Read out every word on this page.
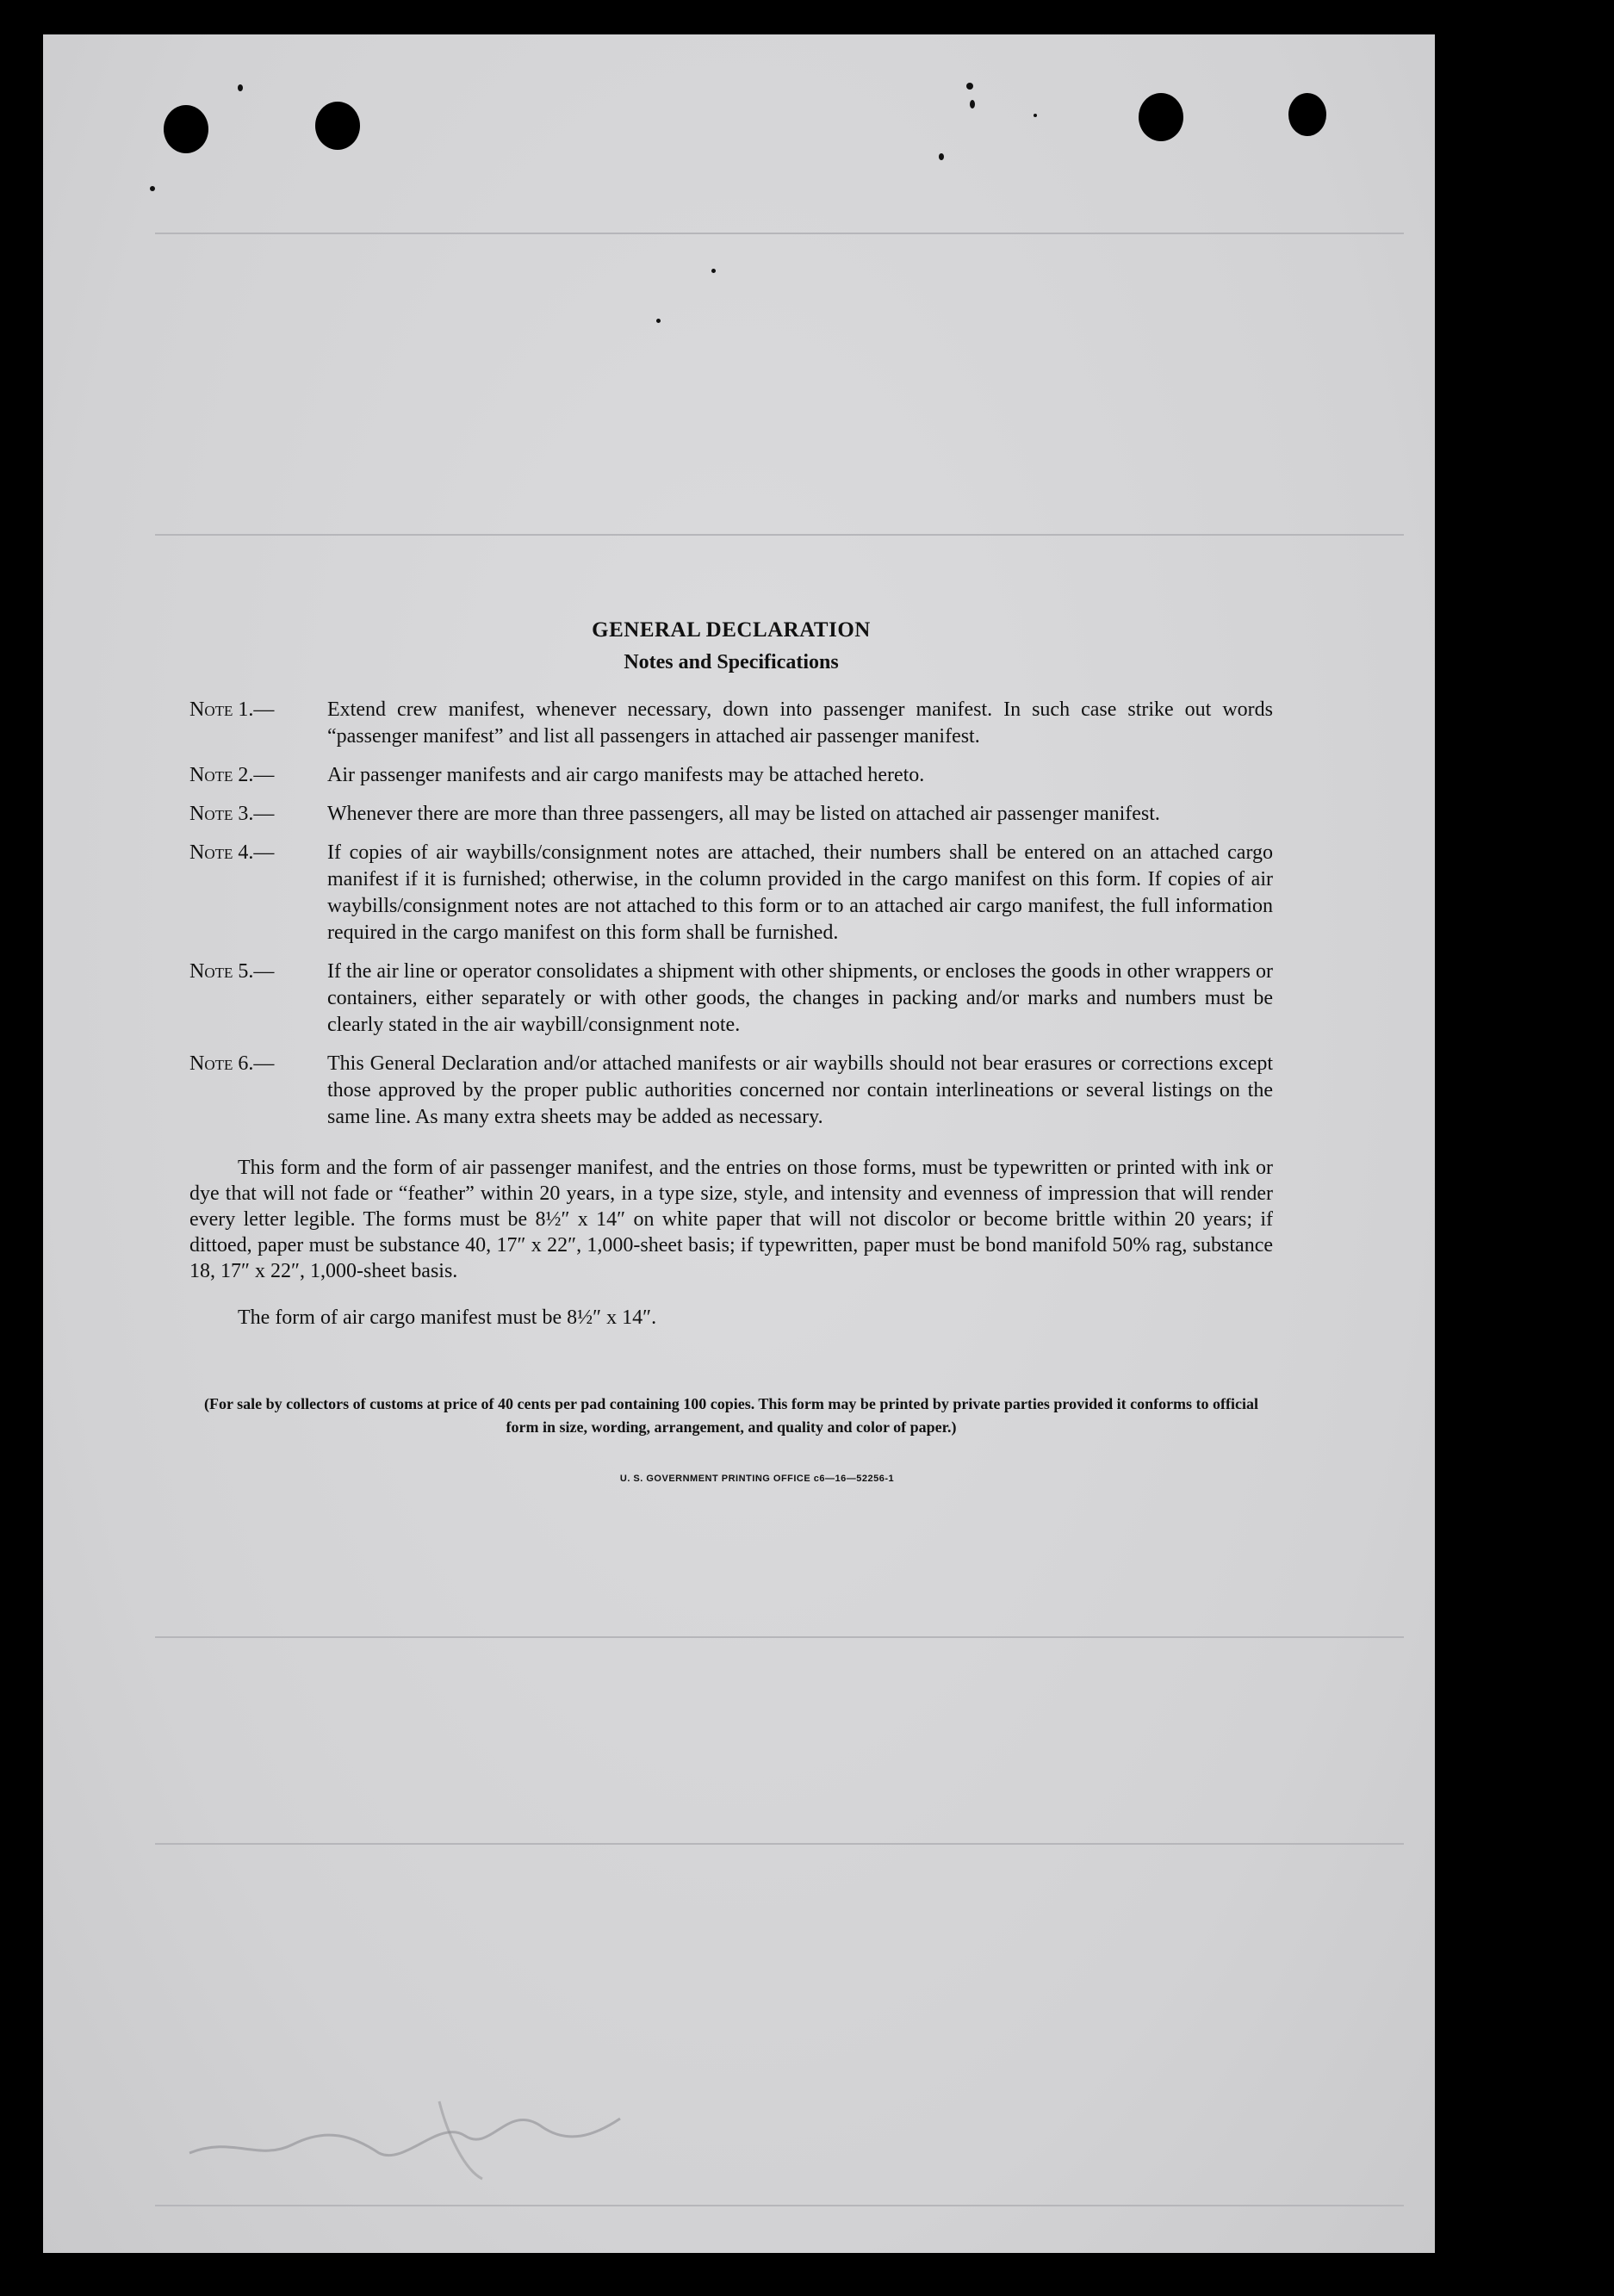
GENERAL DECLARATION

Notes and Specifications

Note 1.—	Extend crew manifest, whenever necessary, down into passenger manifest. In such case strike out words “passenger manifest” and list all passengers in attached air passenger manifest.
Note 2.—	Air passenger manifests and air cargo manifests may be attached hereto.
Note 3.—	Whenever there are more than three passengers, all may be listed on attached air passenger manifest.
Note 4.—	If copies of air waybills/consignment notes are attached, their numbers shall be entered on an attached cargo manifest if it is furnished; otherwise, in the column provided in the cargo manifest on this form. If copies of air waybills/consignment notes are not attached to this form or to an attached air cargo manifest, the full information required in the cargo manifest on this form shall be furnished.
Note 5.—	If the air line or operator consolidates a shipment with other shipments, or encloses the goods in other wrappers or containers, either separately or with other goods, the changes in packing and/or marks and numbers must be clearly stated in the air waybill/consignment note.
Note 6.—	This General Declaration and/or attached manifests or air waybills should not bear erasures or corrections except those approved by the proper public authorities concerned nor contain interlineations or several listings on the same line. As many extra sheets may be added as necessary.

This form and the form of air passenger manifest, and the entries on those forms, must be typewritten or printed with ink or dye that will not fade or “feather” within 20 years, in a type size, style, and intensity and evenness of impression that will render every letter legible. The forms must be 8½″ x 14″ on white paper that will not discolor or become brittle within 20 years; if dittoed, paper must be substance 40, 17″ x 22″, 1,000-sheet basis; if typewritten, paper must be bond manifold 50% rag, substance 18, 17″ x 22″, 1,000-sheet basis.

The form of air cargo manifest must be 8½″ x 14″.

(For sale by collectors of customs at price of 40 cents per pad containing 100 copies. This form may be printed by private parties provided it conforms to official form in size, wording, arrangement, and quality and color of paper.)

U. S. GOVERNMENT PRINTING OFFICE c6—16—52256-1
